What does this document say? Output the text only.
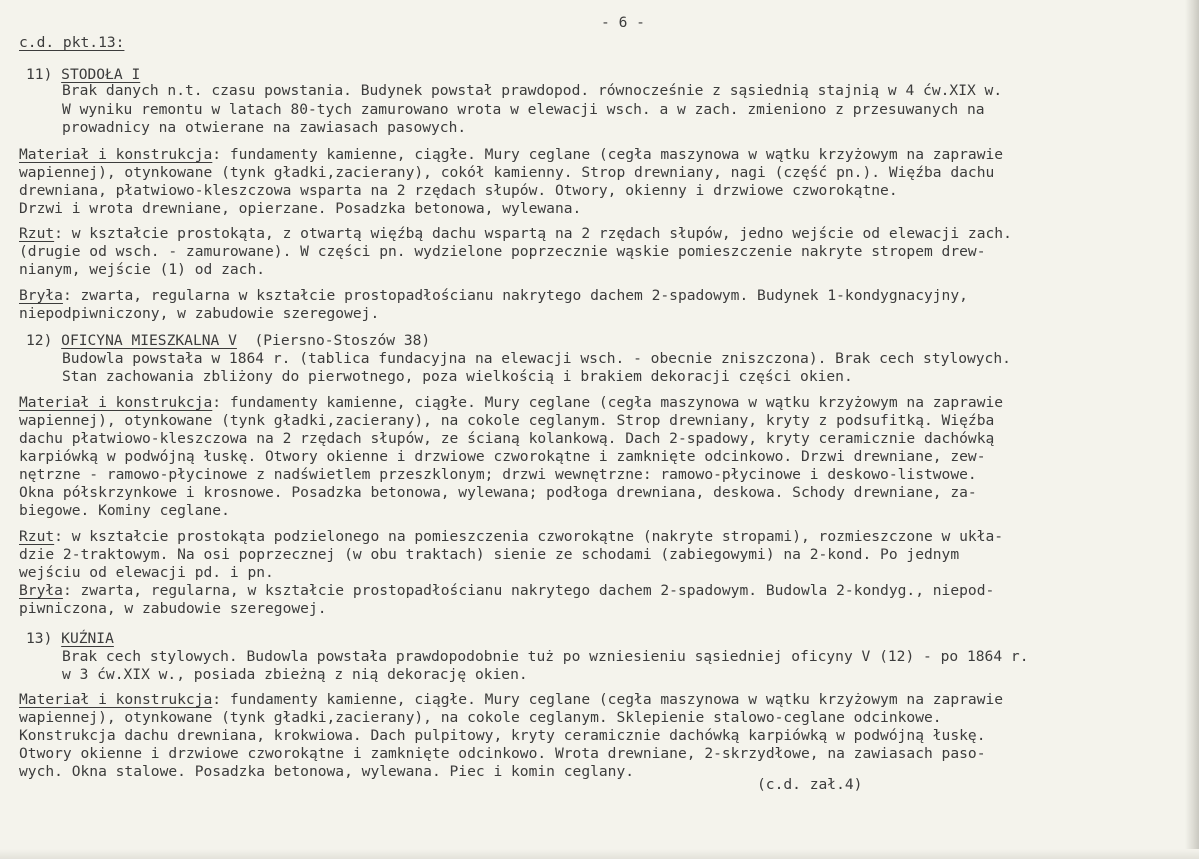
- 6 -
c.d. pkt.13:
11) STODOŁA I
Brak danych n.t. czasu powstania. Budynek powstał prawdopod. równocześnie z sąsiednią stajnią w 4 ćw.XIX w.
W wyniku remontu w latach 80-tych zamurowano wrota w elewacji wsch. a w zach. zmieniono z przesuwanych na
prowadnicy na otwierane na zawiasach pasowych.
Materiał i konstrukcja: fundamenty kamienne, ciągłe. Mury ceglane (cegła maszynowa w wątku krzyżowym na zaprawie
wapiennej), otynkowane (tynk gładki,zacierany), cokół kamienny. Strop drewniany, nagi (część pn.). Więźba dachu
drewniana, płatwiowo-kleszczowa wsparta na 2 rzędach słupów. Otwory, okienny i drzwiowe czworokątne.
Drzwi i wrota drewniane, opierzane. Posadzka betonowa, wylewana.
Rzut: w kształcie prostokąta, z otwartą więźbą dachu wspartą na 2 rzędach słupów, jedno wejście od elewacji zach.
(drugie od wsch. - zamurowane). W części pn. wydzielone poprzecznie wąskie pomieszczenie nakryte stropem drew-
nianym, wejście (1) od zach.
Bryła: zwarta, regularna w kształcie prostopadłościanu nakrytego dachem 2-spadowym. Budynek 1-kondygnacyjny,
niepodpiwniczony, w zabudowie szeregowej.
12) OFICYNA MIESZKALNA V (Piersno-Stoszów 38)
Budowla powstała w 1864 r. (tablica fundacyjna na elewacji wsch. - obecnie zniszczona). Brak cech stylowych.
Stan zachowania zbliżony do pierwotnego, poza wielkością i brakiem dekoracji części okien.
Materiał i konstrukcja: fundamenty kamienne, ciągłe. Mury ceglane (cegła maszynowa w wątku krzyżowym na zaprawie
wapiennej), otynkowane (tynk gładki,zacierany), na cokole ceglanym. Strop drewniany, kryty z podsufitką. Więźba
dachu płatwiowo-kleszczowa na 2 rzędach słupów, ze ścianą kolankową. Dach 2-spadowy, kryty ceramicznie dachówką
karpiówką w podwójną łuskę. Otwory okienne i drzwiowe czworokątne i zamknięte odcinkowo. Drzwi drewniane, zew-
nętrzne - ramowo-płycinowe z nadświetlem przeszklonym; drzwi wewnętrzne: ramowo-płycinowe i deskowo-listwowe.
Okna półskrzynkowe i krosnowe. Posadzka betonowa, wylewana; podłoga drewniana, deskowa. Schody drewniane, za-
biegowe. Kominy ceglane.
Rzut: w kształcie prostokąta podzielonego na pomieszczenia czworokątne (nakryte stropami), rozmieszczone w ukła-
dzie 2-traktowym. Na osi poprzecznej (w obu traktach) sienie ze schodami (zabiegowymi) na 2-kond. Po jednym
wejściu od elewacji pd. i pn.
Bryła: zwarta, regularna, w kształcie prostopadłościanu nakrytego dachem 2-spadowym. Budowla 2-kondyg., niepod-
piwniczona, w zabudowie szeregowej.
13) KUŹNIA
Brak cech stylowych. Budowla powstała prawdopodobnie tuż po wzniesieniu sąsiedniej oficyny V (12) - po 1864 r.
w 3 ćw.XIX w., posiada zbieżną z nią dekorację okien.
Materiał i konstrukcja: fundamenty kamienne, ciągłe. Mury ceglane (cegła maszynowa w wątku krzyżowym na zaprawie
wapiennej), otynkowane (tynk gładki,zacierany), na cokole ceglanym. Sklepienie stalowo-ceglane odcinkowe.
Konstrukcja dachu drewniana, krokwiowa. Dach pulpitowy, kryty ceramicznie dachówką karpiówką w podwójną łuskę.
Otwory okienne i drzwiowe czworokątne i zamknięte odcinkowo. Wrota drewniane, 2-skrzydłowe, na zawiasach paso-
wych. Okna stalowe. Posadzka betonowa, wylewana. Piec i komin ceglany.
(c.d. zał.4)
